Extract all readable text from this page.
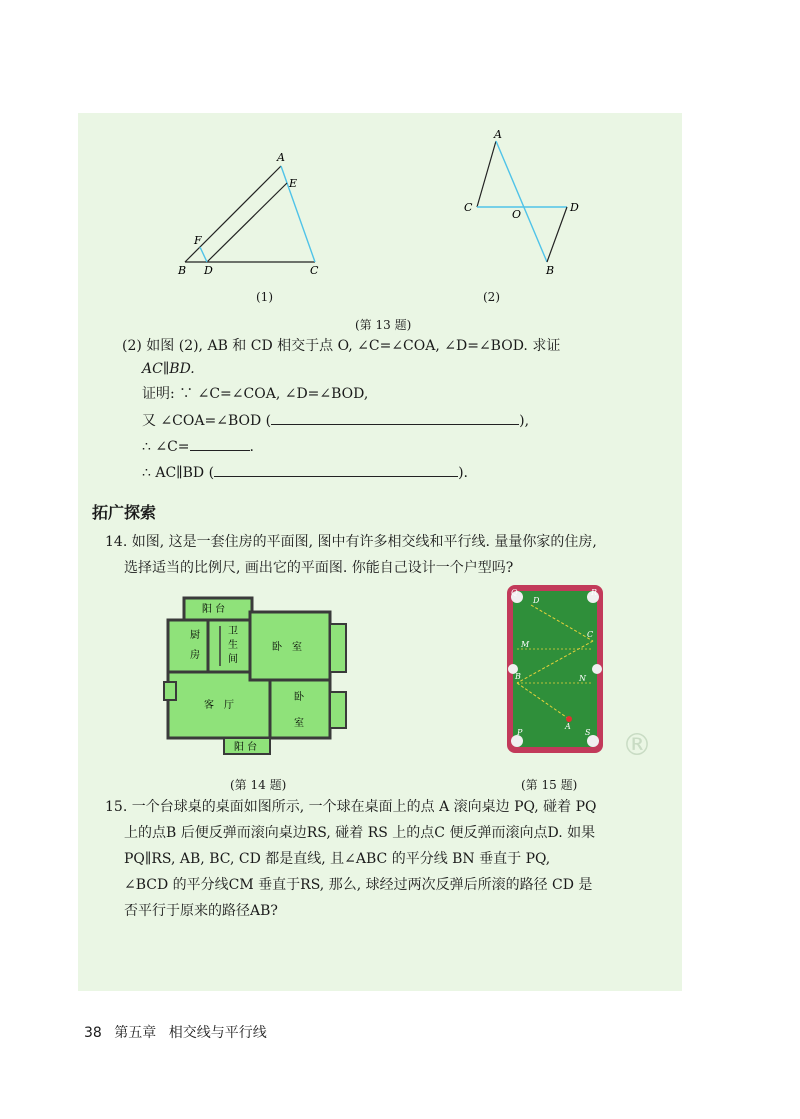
A
E
F
B D	C
(1)
A
C
O
D
B
(2)
(第 13 题)
(2) 如图 (2), AB 和 CD 相交于点 O, ∠C=∠COA, ∠D=∠BOD. 求证
AC∥BD.
证明: ∵ ∠C=∠COA, ∠D=∠BOD,
又 ∠COA=∠BOD (	),
∴ ∠C=	.
∴ AC∥BD (	).
拓广探索
14. 如图, 这是一套住房的平面图, 图中有许多相交线和平行线. 量量你家的住房,
选择适当的比例尺, 画出它的平面图. 你能自己设计一个户型吗?
阳 台
厨
房
卫
生
间
卧　室
客　厅
卧
室
阳 台
(第 14 题)
Q
D
R
C
M
B	N
P
A
S ®
(第 15 题)
15. 一个台球桌的桌面如图所示, 一个球在桌面上的点 A 滚向桌边 PQ, 碰着 PQ
上的点B 后便反弹而滚向桌边RS, 碰着 RS 上的点C 便反弹而滚向点D. 如果
PQ∥RS, AB, BC, CD 都是直线, 且∠ABC 的平分线 BN 垂直于 PQ,
∠BCD 的平分线CM 垂直于RS, 那么, 球经过两次反弹后所滚的路径 CD 是
否平行于原来的路径AB?
38 第五章 相交线与平行线
